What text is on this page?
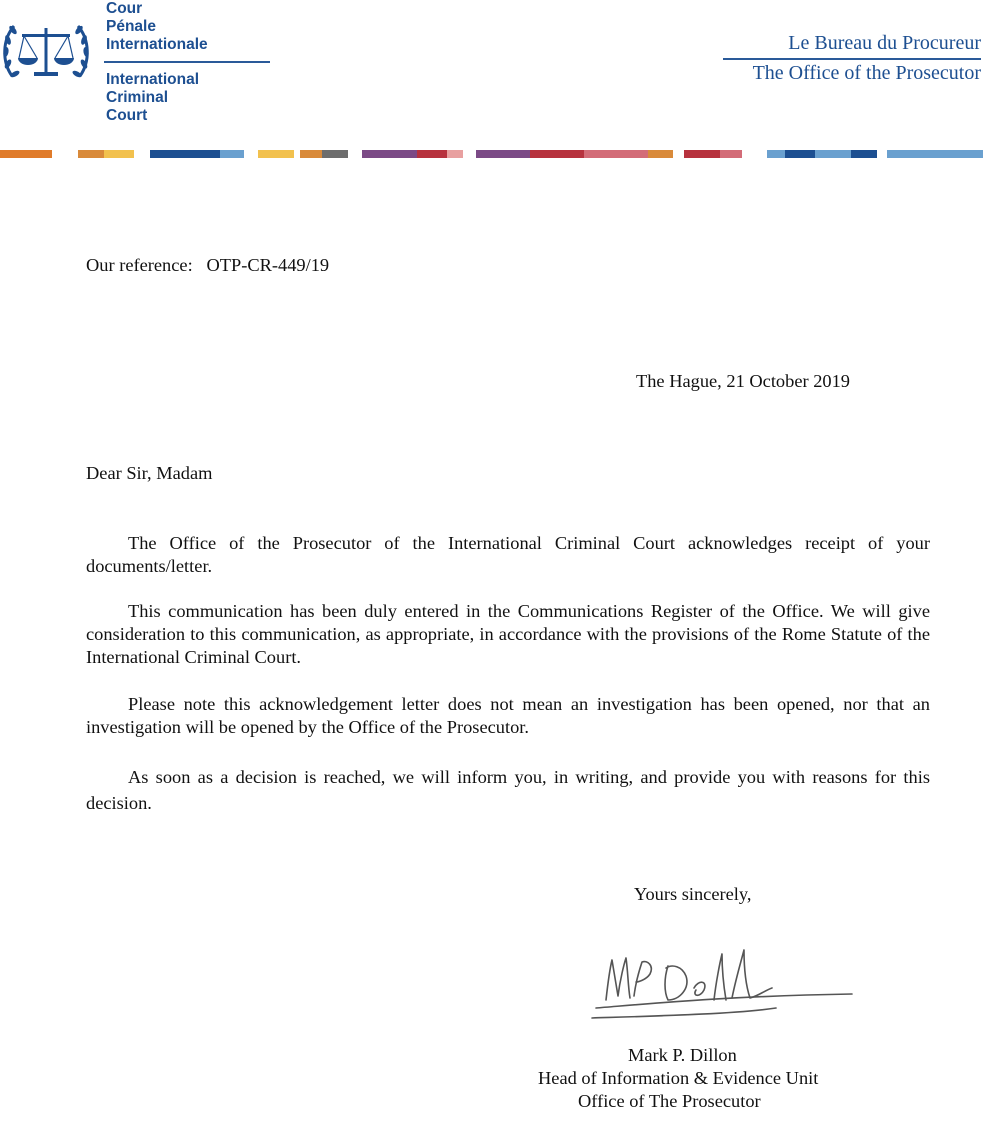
Cour
Pénale
Internationale
International
Criminal
Court
Le Bureau du Procureur
The Office of the Prosecutor
Our reference:   OTP-CR-449/19
The Hague, 21 October 2019
Dear Sir, Madam
The Office of the Prosecutor of the International Criminal Court acknowledges receipt of your documents/letter.
This communication has been duly entered in the Communications Register of the Office. We will give consideration to this communication, as appropriate, in accordance with the provisions of the Rome Statute of the International Criminal Court.
Please note this acknowledgement letter does not mean an investigation has been opened, nor that an investigation will be opened by the Office of the Prosecutor.
As soon as a decision is reached, we will inform you, in writing, and provide you with reasons for this decision.
Yours sincerely,
Mark P. Dillon
Head of Information & Evidence Unit
Office of The Prosecutor
